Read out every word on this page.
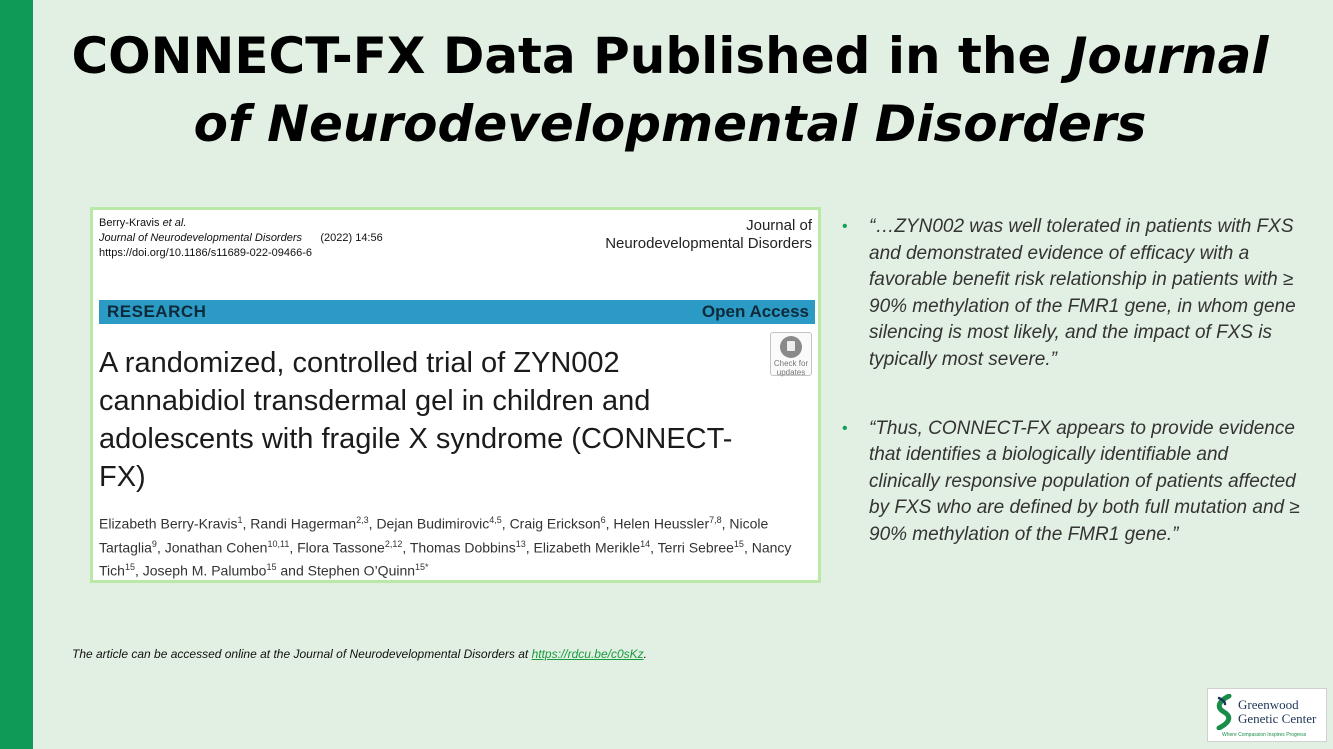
CONNECT-FX Data Published in the Journal of Neurodevelopmental Disorders
Berry-Kravis et al.
Journal of Neurodevelopmental Disorders (2022) 14:56
https://doi.org/10.1186/s11689-022-09466-6
Journal of
Neurodevelopmental Disorders
RESEARCH	Open Access
Check for
updates
A randomized, controlled trial of ZYN002 cannabidiol transdermal gel in children and adolescents with fragile X syndrome (CONNECT-FX)
Elizabeth Berry-Kravis$^1$, Randi Hagerman$^{2,3}$, Dejan Budimirovic$^{4,5}$, Craig Erickson$^6$, Helen Heussler$^{7,8}$, Nicole Tartaglia$^9$, Jonathan Cohen$^{10,11}$, Flora Tassone$^{2,12}$, Thomas Dobbins$^{13}$, Elizabeth Merikle$^{14}$, Terri Sebree$^{15}$, Nancy Tich$^{15}$, Joseph M. Palumbo$^{15}$ and Stephen O’Quinn$^{15*}$
• “…ZYN002 was well tolerated in patients with FXS and demonstrated evidence of efficacy with a favorable benefit risk relationship in patients with ≥ 90% methylation of the FMR1 gene, in whom gene silencing is most likely, and the impact of FXS is typically most severe.”
• “Thus, CONNECT-FX appears to provide evidence that identifies a biologically identifiable and clinically responsive population of patients affected by FXS who are defined by both full mutation and ≥ 90% methylation of the FMR1 gene.”
The article can be accessed online at the Journal of Neurodevelopmental Disorders at https://rdcu.be/c0sKz.
Greenwood
Genetic Center
Where Compassion Inspires Progress
